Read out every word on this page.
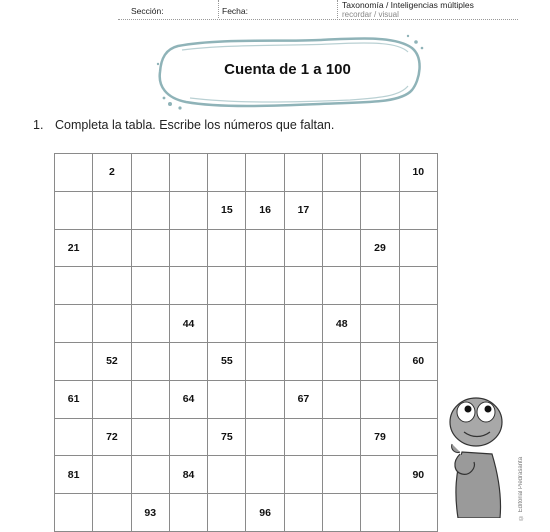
Sección:	Fecha:
Taxonomía / Inteligencias múltiples
recordar / visual
Cuenta de 1 a 100
1. Completa la tabla. Escribe los números que faltan.
	2								10
				15	16	17			
21								29	

			44				48		
	52			55					60
61			64			67			
	72			75				79	
81			84						90
		93			96					© Editorial Piedrasanta
